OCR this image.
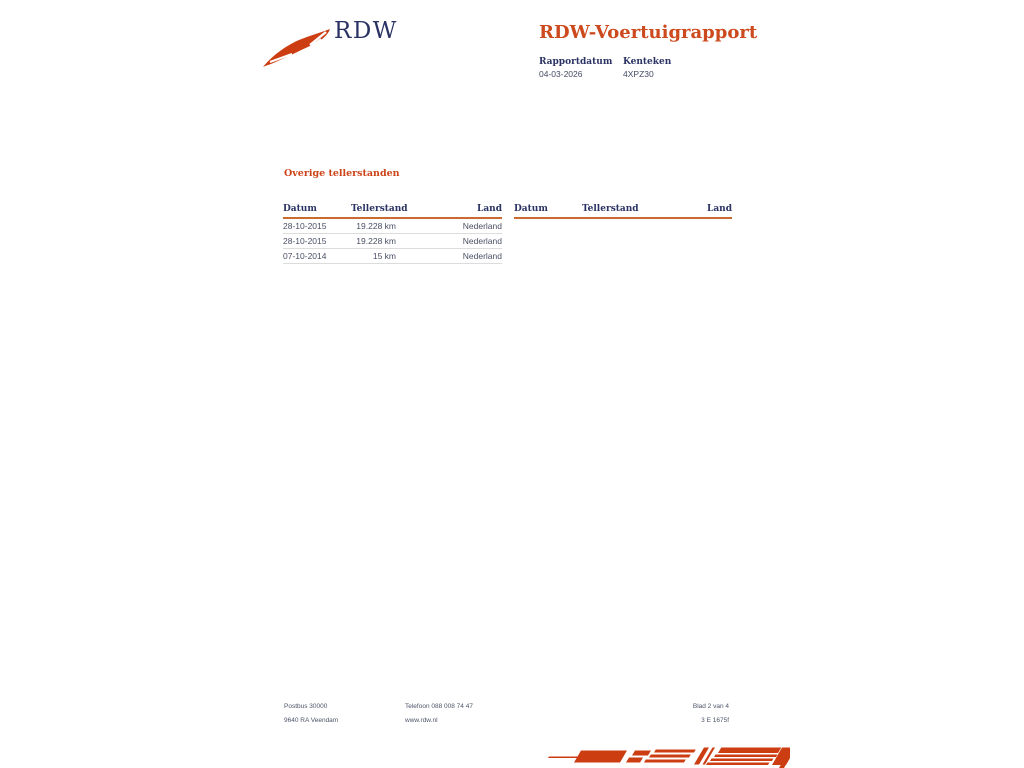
RDW	RDW-Voertuigrapport
Rapportdatum
04-03-2026
Kenteken
4XPZ30
Overige tellerstanden
Datum	Tellerstand	Land
28-10-2015	19.228 km	Nederland
28-10-2015	19.228 km	Nederland
07-10-2014	15 km	Nederland
Datum	Tellerstand	Land
Postbus 30000
9640 RA Veendam
Telefoon 088 008 74 47
www.rdw.nl
Blad 2 van 4
3 E 1675f
